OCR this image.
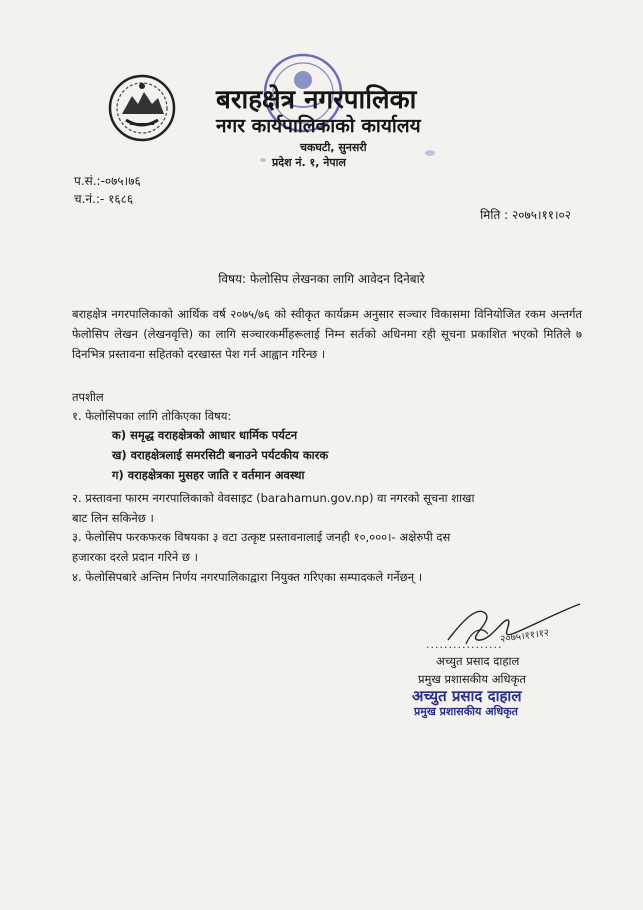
बराहक्षेत्र नगरपालिका
नगर कार्यपालिकाको कार्यालय
चकघटी, सुनसरी
प्रदेश नं. १, नेपाल
प.सं.:-०७५।७६
च.नं.:- १६८६
मिति : २०७५।११।०२
विषय: फेलोसिप लेखनका लागि आवेदन दिनेबारे
बराहक्षेत्र नगरपालिकाको आर्थिक वर्ष २०७५/७६ को स्वीकृत कार्यक्रम अनुसार सञ्चार विकासमा विनियोजित रकम अन्तर्गत फेलोसिप लेखन (लेखनवृत्ति) का लागि सञ्चारकर्मीहरूलाई निम्न सर्तको अधिनमा रही सूचना प्रकाशित भएको मितिले ७ दिनभित्र प्रस्तावना सहितको दरखास्त पेश गर्न आह्वान गरिन्छ ।
तपशील
१. फेलोसिपका लागि तोकिएका विषय:
क) समृद्ध वराहक्षेत्रको आधार धार्मिक पर्यटन
ख) वराहक्षेत्रलाई समरसिटी बनाउने पर्यटकीय कारक
ग) वराहक्षेत्रका मुसहर जाति र वर्तमान अवस्था
२. प्रस्तावना फारम नगरपालिकाको वेवसाइट (barahamun.gov.np) वा नगरको सूचना शाखा
बाट लिन सकिनेछ ।
३. फेलोसिप फरकफरक विषयका ३ वटा उत्कृष्ट प्रस्तावनालाई जनही १०,०००।- अक्षेरुपी दस
हजारका दरले प्रदान गरिने छ ।
४. फेलोसिपबारे अन्तिम निर्णय नगरपालिकाद्वारा नियुक्त गरिएका सम्पादकले गर्नेछन् ।
.................
२०७५।११।१२
अच्युत प्रसाद दाहाल
प्रमुख प्रशासकीय अधिकृत
अच्युत प्रसाद दाहाल
प्रमुख प्रशासकीय अधिकृत
